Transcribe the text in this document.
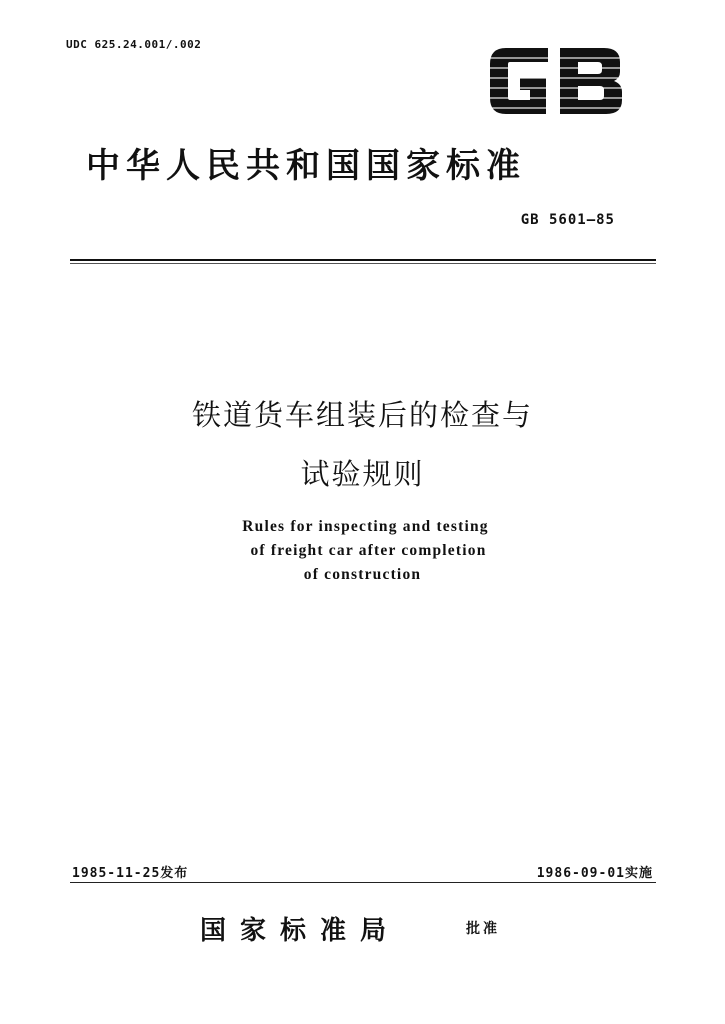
UDC 625.24.001/.002
中华人民共和国国家标准
GB 5601—85
铁道货车组装后的检查与
试验规则
Rules for inspecting and testing
of freight car after completion
of construction
1985-11-25发布	1986-09-01实施
国家标准局	批准
